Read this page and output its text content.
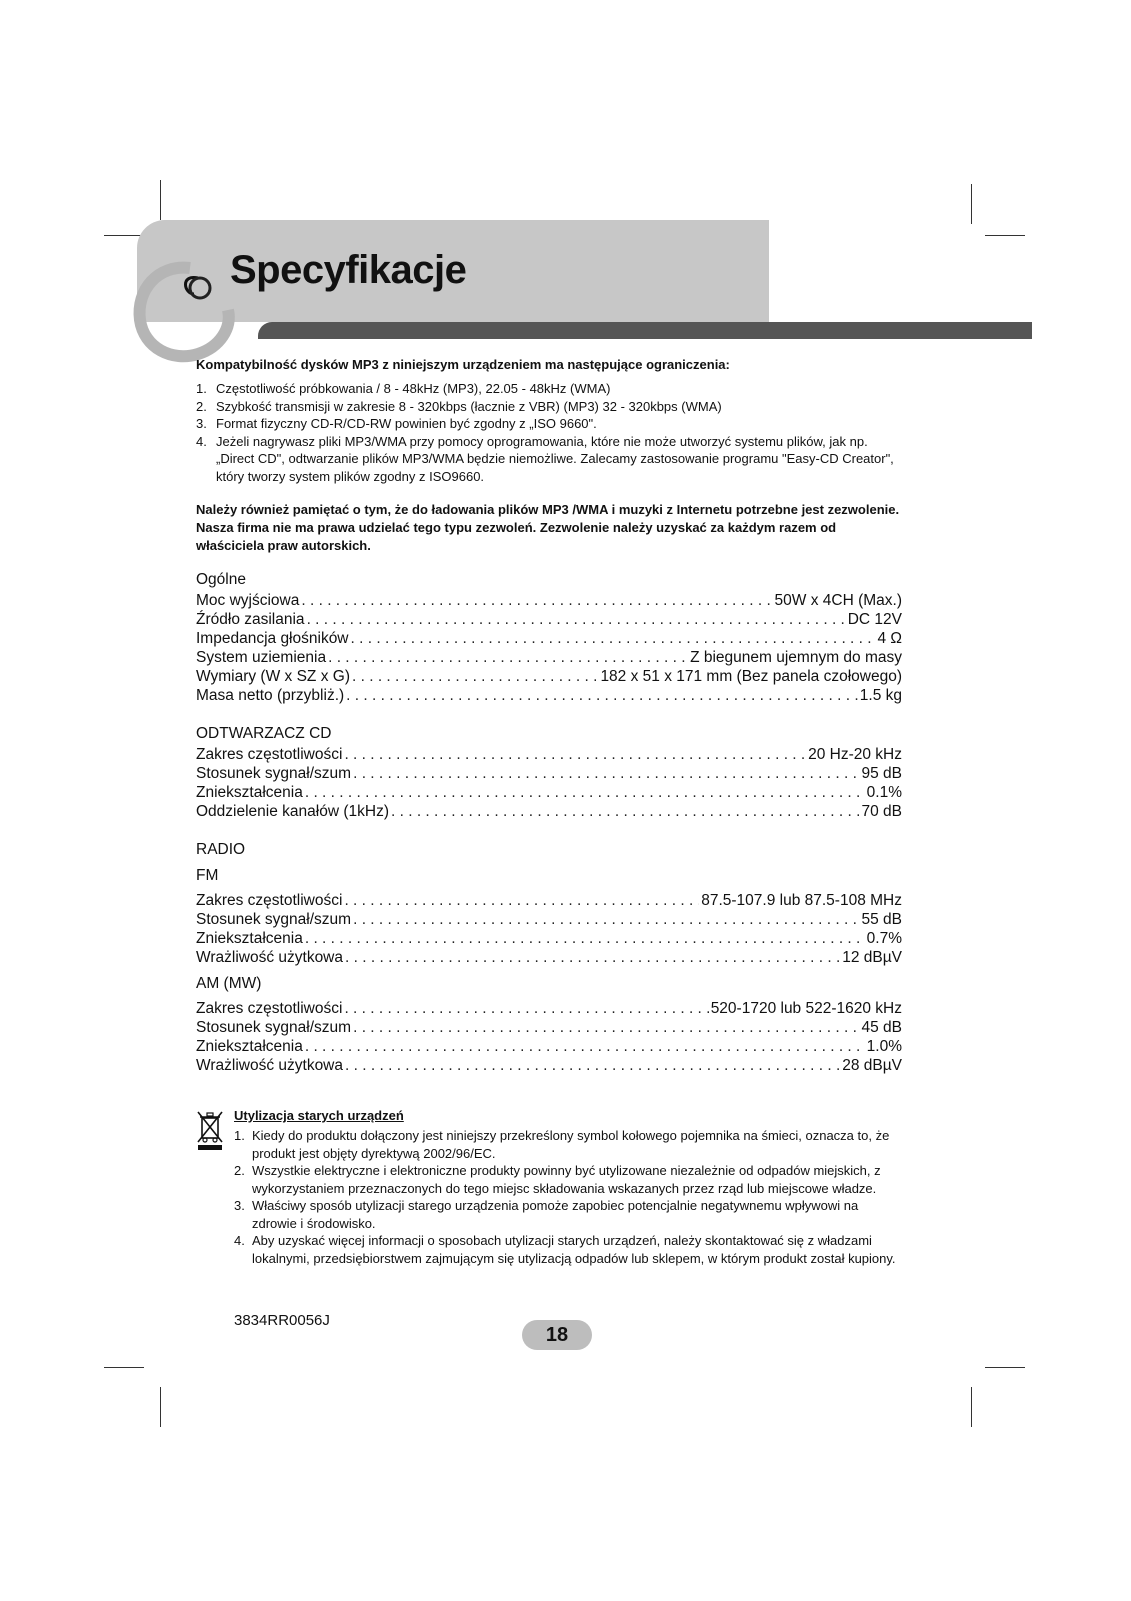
Specyfikacje

Kompatybilność dysków MP3 z niniejszym urządzeniem ma następujące ograniczenia:

1. Częstotliwość próbkowania / 8 - 48kHz (MP3), 22.05 - 48kHz (WMA)
2. Szybkość transmisji w zakresie 8 - 320kbps (łacznie z VBR) (MP3) 32 - 320kbps (WMA)
3. Format fizyczny CD-R/CD-RW powinien być zgodny z „ISO 9660".
4. Jeżeli nagrywasz pliki MP3/WMA przy pomocy oprogramowania, które nie może utworzyć systemu plików, jak np. „Direct CD", odtwarzanie plików MP3/WMA będzie niemożliwe. Zalecamy zastosowanie programu "Easy-CD Creator", który tworzy system plików zgodny z ISO9660.

Należy również pamiętać o tym, że do ładowania plików MP3 /WMA i muzyki z Internetu potrzebne jest zezwolenie. Nasza firma nie ma prawa udzielać tego typu zezwoleń. Zezwolenie należy uzyskać za każdym razem od właściciela praw autorskich.

Ogólne
Moc wyjściowa . . .	50W x 4CH (Max.)
Źródło zasilania . . .	DC 12V
Impedancja głośników . . .	4 Ω
System uziemienia . . .	Z biegunem ujemnym do masy
Wymiary (W x SZ x G) . . .	182 x 51 x 171 mm (Bez panela czołowego)
Masa netto (przybliż.) . . .	1.5 kg
ODTWARZACZ CD
Zakres częstotliwości . . .	20 Hz-20 kHz
Stosunek sygnał/szum . . .	95 dB
Zniekształcenia . . .	0.1%
Oddzielenie kanałów (1kHz) . . .	70 dB
RADIO
FM
Zakres częstotliwości . . .	87.5-107.9 lub 87.5-108 MHz
Stosunek sygnał/szum . . .	55 dB
Zniekształcenia . . .	0.7%
Wrażliwość użytkowa . . .	12 dBµV
AM (MW)
Zakres częstotliwości . . .	520-1720 lub 522-1620 kHz
Stosunek sygnał/szum . . .	45 dB
Zniekształcenia . . .	1.0%
Wrażliwość użytkowa . . .	28 dBµV

Utylizacja starych urządzeń

1. Kiedy do produktu dołączony jest niniejszy przekreślony symbol kołowego pojemnika na śmieci, oznacza to, że produkt jest objęty dyrektywą 2002/96/EC.
2. Wszystkie elektryczne i elektroniczne produkty powinny być utylizowane niezależnie od odpadów miejskich, z wykorzystaniem przeznaczonych do tego miejsc składowania wskazanych przez rząd lub miejscowe władze.
3. Właściwy sposób utylizacji starego urządzenia pomoże zapobiec potencjalnie negatywnemu wpływowi na zdrowie i środowisko.
4. Aby uzyskać więcej informacji o sposobach utylizacji starych urządzeń, należy skontaktować się z władzami lokalnymi, przedsiębiorstwem zajmującym się utylizacją odpadów lub sklepem, w którym produkt został kupiony.
3834RR0056J
18
